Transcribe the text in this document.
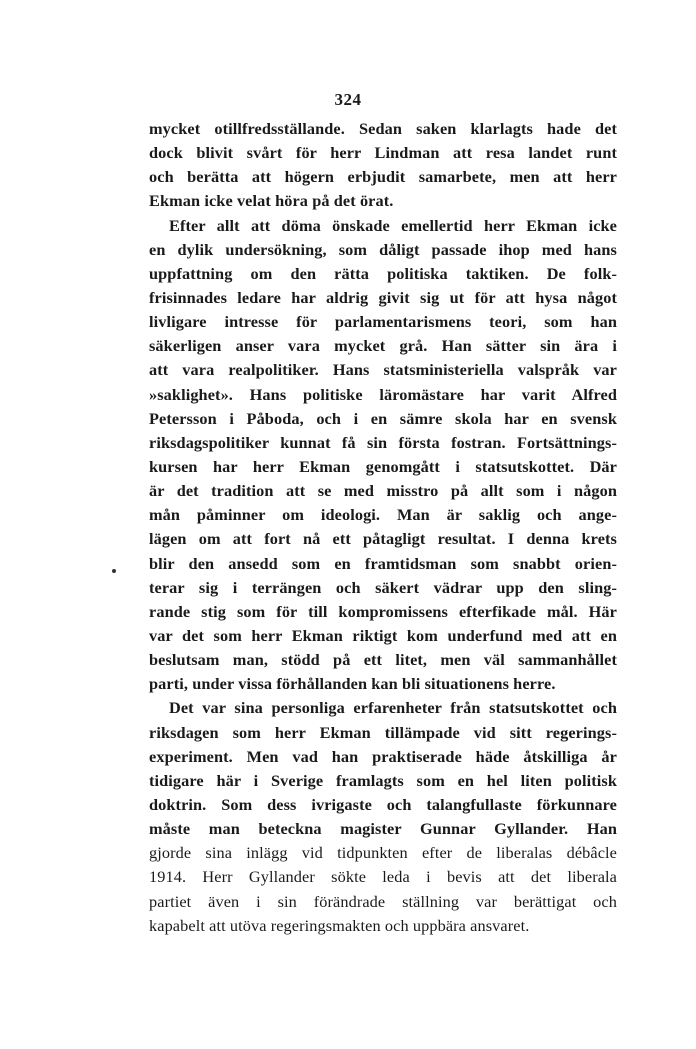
324
mycket otillfredsställande. Sedan saken klarlagts hade det
dock blivit svårt för herr Lindman att resa landet runt
och berätta att högern erbjudit samarbete, men att herr
Ekman icke velat höra på det örat.
Efter allt att döma önskade emellertid herr Ekman icke
en dylik undersökning, som dåligt passade ihop med hans
uppfattning om den rätta politiska taktiken. De folk-
frisinnades ledare har aldrig givit sig ut för att hysa något
livligare intresse för parlamentarismens teori, som han
säkerligen anser vara mycket grå. Han sätter sin ära i
att vara realpolitiker. Hans statsministeriella valspråk var
»saklighet». Hans politiske läromästare har varit Alfred
Petersson i Påboda, och i en sämre skola har en svensk
riksdagspolitiker kunnat få sin första fostran. Fortsättnings-
kursen har herr Ekman genomgått i statsutskottet. Där
är det tradition att se med misstro på allt som i någon
mån påminner om ideologi. Man är saklig och ange-
lägen om att fort nå ett påtagligt resultat. I denna krets
blir den ansedd som en framtidsman som snabbt orien-
terar sig i terrängen och säkert vädrar upp den sling-
rande stig som för till kompromissens efterfikade mål. Här
var det som herr Ekman riktigt kom underfund med att en
beslutsam man, stödd på ett litet, men väl sammanhållet
parti, under vissa förhållanden kan bli situationens herre.
Det var sina personliga erfarenheter från statsutskottet och
riksdagen som herr Ekman tillämpade vid sitt regerings-
experiment. Men vad han praktiserade häde åtskilliga år
tidigare här i Sverige framlagts som en hel liten politisk
doktrin. Som dess ivrigaste och talangfullaste förkunnare
måste man beteckna magister Gunnar Gyllander. Han
gjorde sina inlägg vid tidpunkten efter de liberalas débâcle
1914. Herr Gyllander sökte leda i bevis att det liberala
partiet även i sin förändrade ställning var berättigat och
kapabelt att utöva regeringsmakten och uppbära ansvaret.
